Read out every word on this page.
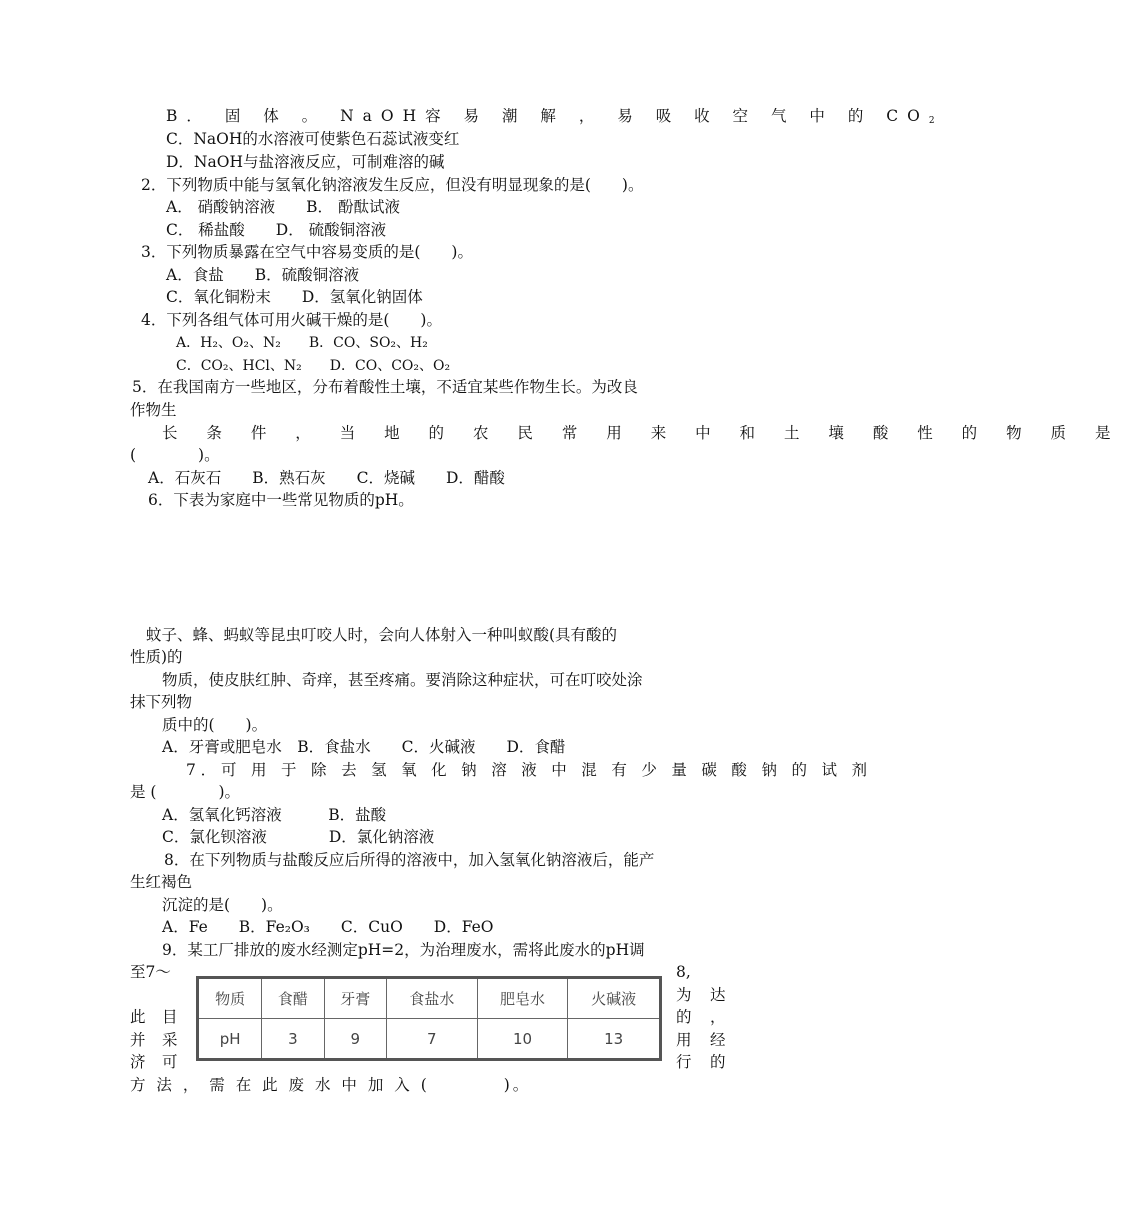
B． 固 体 。 NaOH容 易 潮 解 ， 易 吸 收 空 气 中 的 $CO_2$
C．NaOH的水溶液可使紫色石蕊试液变红
D．NaOH与盐溶液反应，可制难溶的碱
2．下列物质中能与氢氧化钠溶液发生反应，但没有明显现象的是(　　)。
A． 硝酸钠溶液　　B． 酚酞试液
C． 稀盐酸　　D． 硫酸铜溶液
3．下列物质暴露在空气中容易变质的是(　　)。
A．食盐　　B．硫酸铜溶液
C．氧化铜粉末　　D．氢氧化钠固体
4．下列各组气体可用火碱干燥的是(　　)。
A．H₂、O₂、N₂　　B．CO、SO₂、H₂
C．CO₂、HCl、N₂　　D．CO、CO₂、O₂
5．在我国南方一些地区，分布着酸性土壤，不适宜某些作物生长。为改良
作物生
长 条 件 ， 当 地 的 农 民 常 用 来 中 和 土 壤 酸 性 的 物 质 是
(　　　　)。
A．石灰石　　B．熟石灰　　C．烧碱　　D．醋酸
6．下表为家庭中一些常见物质的pH。
蚊子、蜂、蚂蚁等昆虫叮咬人时，会向人体射入一种叫蚁酸(具有酸的
性质)的
物质，使皮肤红肿、奇痒，甚至疼痛。要消除这种症状，可在叮咬处涂
抹下列物
质中的(　　)。
A．牙膏或肥皂水　B．食盐水　　C．火碱液　　D．食醋
7．可 用 于 除 去 氢 氧 化 钠 溶 液 中 混 有 少 量 碳 酸 钠 的 试 剂
是 (　　　　)。
A．氢氧化钙溶液　　　B．盐酸
C．氯化钡溶液　　　　D．氯化钠溶液
8．在下列物质与盐酸反应后所得的溶液中，加入氢氧化钠溶液后，能产
生红褐色
沉淀的是(　　)。
A．Fe　　B．Fe₂O₃　　C．CuO　　D．FeO
9．某工厂排放的废水经测定pH=2，为治理废水，需将此废水的pH调
至7～	8,
为 达
此 目	的 ，
并 采	用 经
济 可	行 的
方 法 ， 需 在 此 废 水 中 加 入 (　　　　)。
物质	食醋	牙膏	食盐水	肥皂水	火碱液
pH	3	9	7	10	13
